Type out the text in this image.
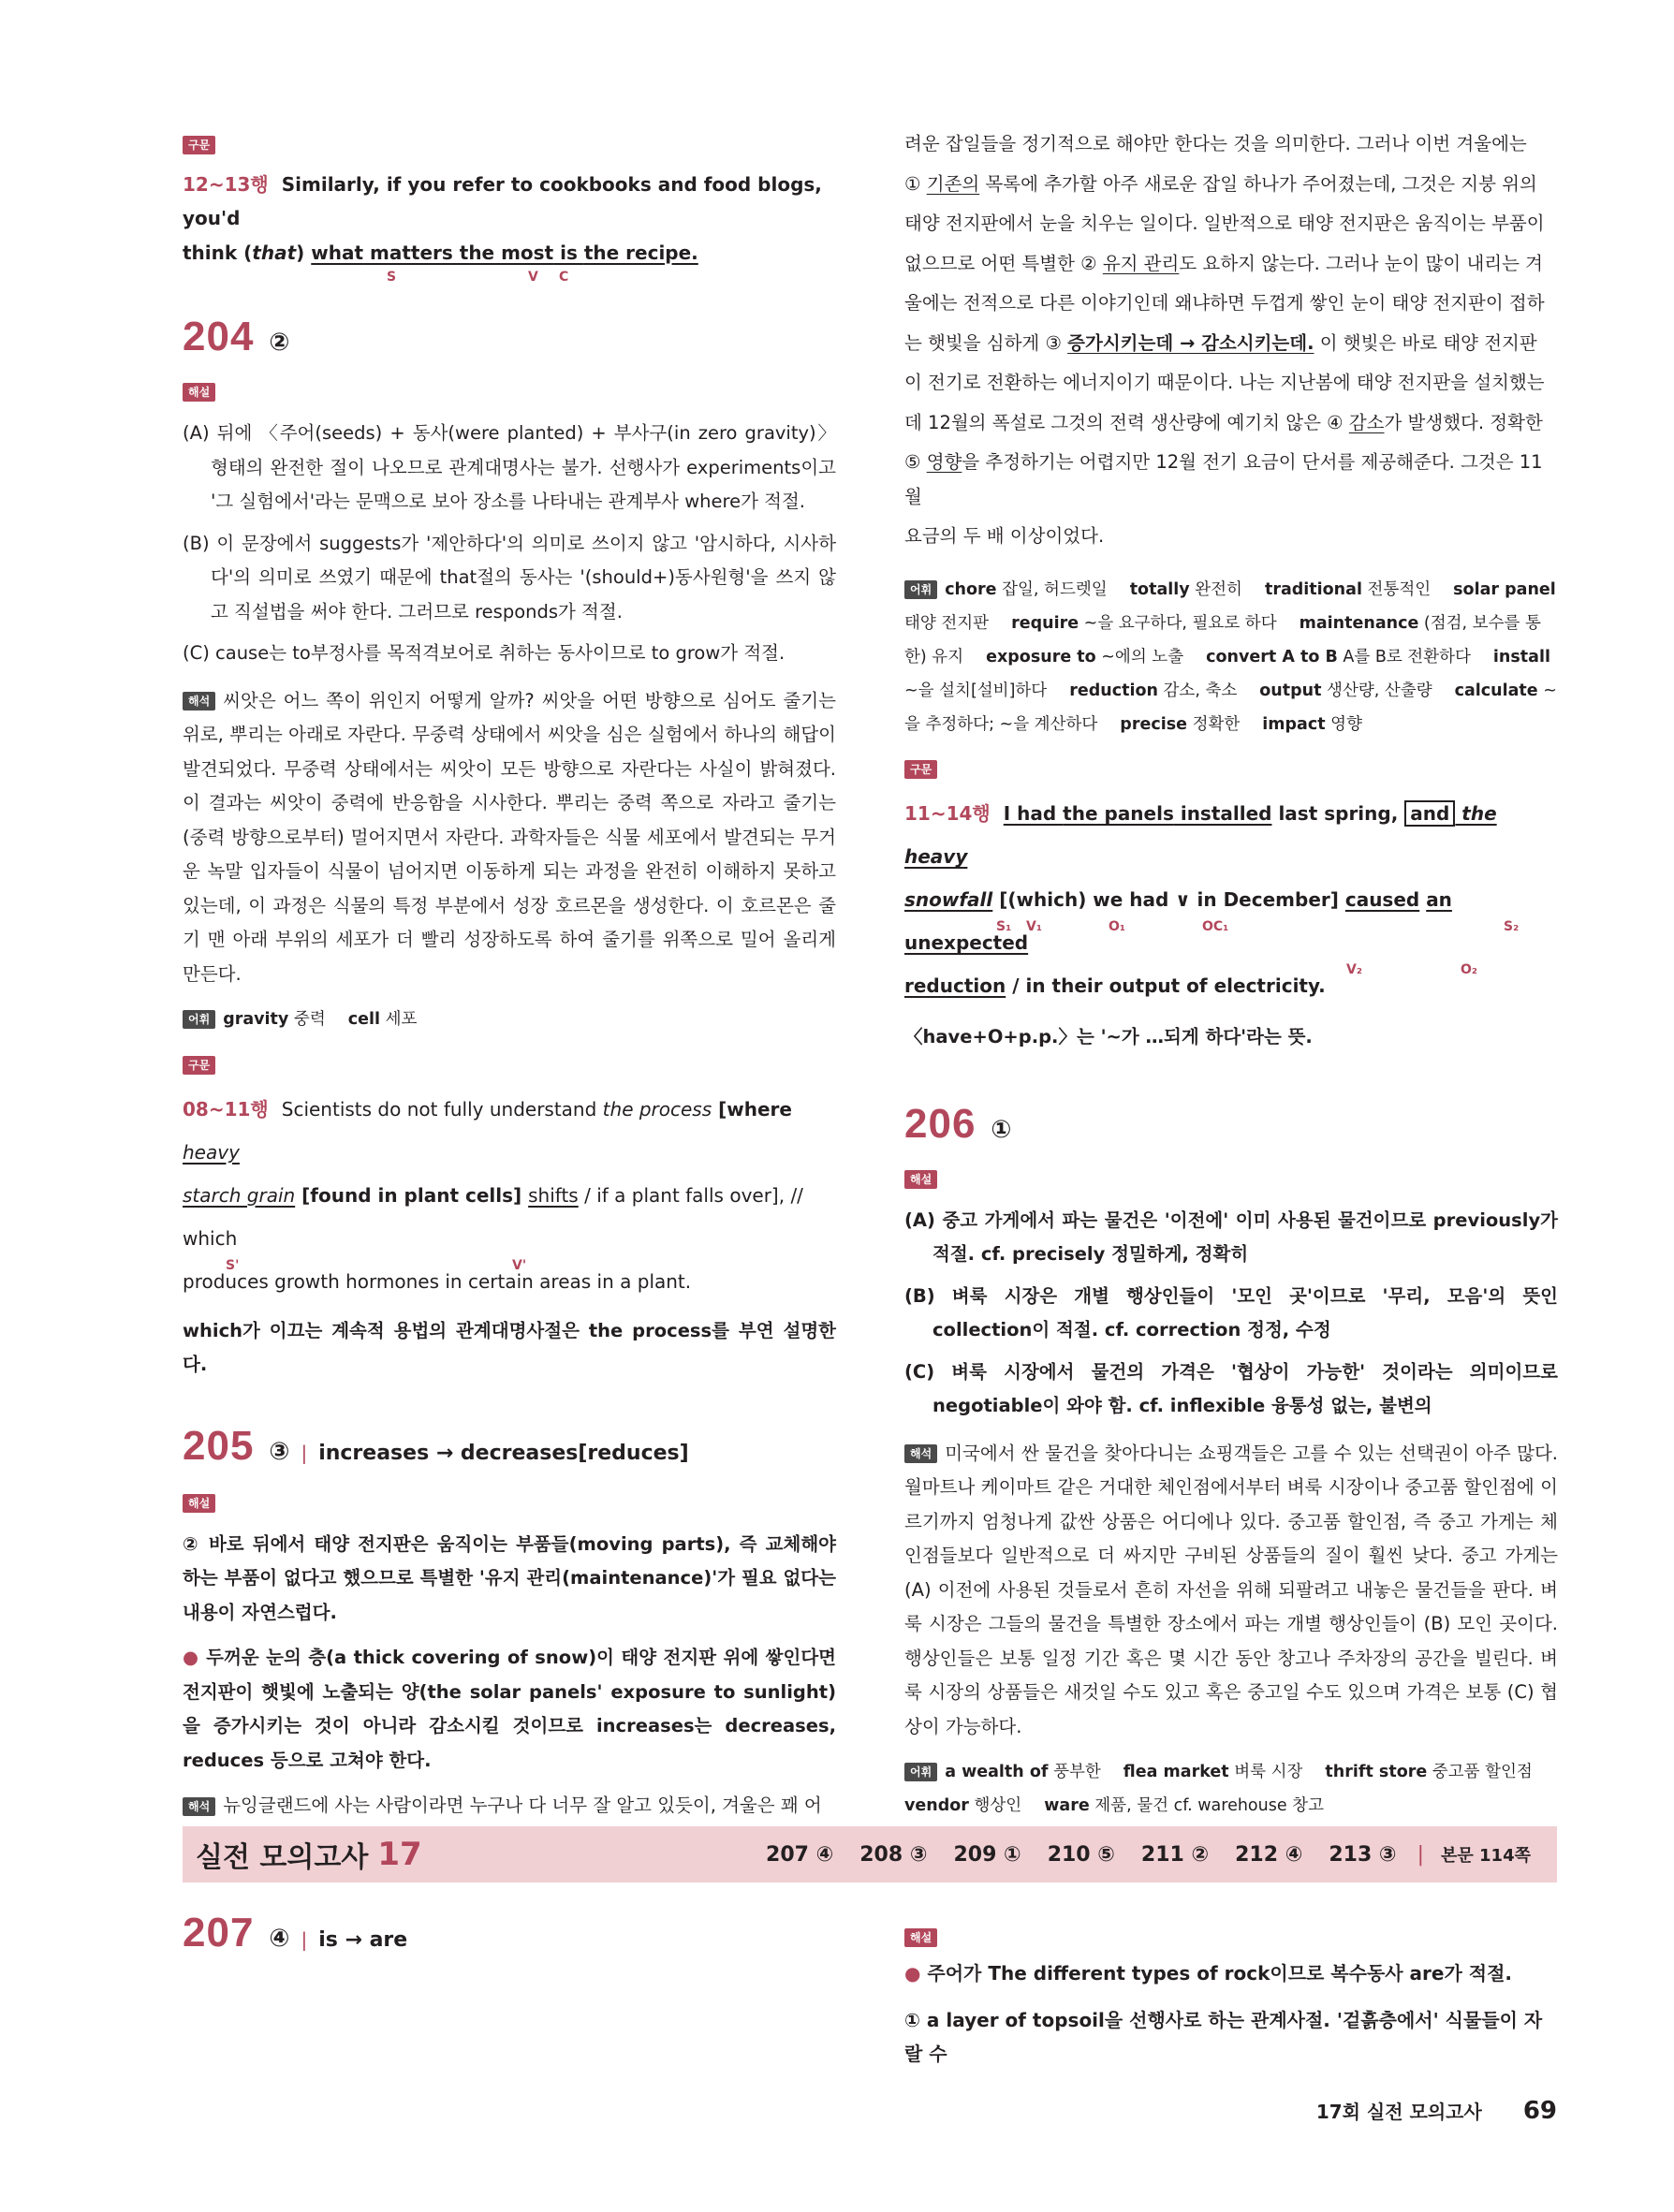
구문
12~13행 Similarly, if you refer to cookbooks and food blogs, you'd
think (that) what matters the most is the recipe.
S	V C
204 ②
해설

(A) 뒤에 〈주어(seeds) + 동사(were planted) + 부사구(in zero gravity)〉 형태의 완전한 절이 나오므로 관계대명사는 불가. 선행사가 experiments이고 '그 실험에서'라는 문맥으로 보아 장소를 나타내는 관계부사 where가 적절.

(B) 이 문장에서 suggests가 '제안하다'의 의미로 쓰이지 않고 '암시하다, 시사하다'의 의미로 쓰였기 때문에 that절의 동사는 '(should+)동사원형'을 쓰지 않고 직설법을 써야 한다. 그러므로 responds가 적절.

(C) cause는 to부정사를 목적격보어로 취하는 동사이므로 to grow가 적절.

해석 씨앗은 어느 쪽이 위인지 어떻게 알까? 씨앗을 어떤 방향으로 심어도 줄기는 위로, 뿌리는 아래로 자란다. 무중력 상태에서 씨앗을 심은 실험에서 하나의 해답이 발견되었다. 무중력 상태에서는 씨앗이 모든 방향으로 자란다는 사실이 밝혀졌다. 이 결과는 씨앗이 중력에 반응함을 시사한다. 뿌리는 중력 쪽으로 자라고 줄기는 (중력 방향으로부터) 멀어지면서 자란다. 과학자들은 식물 세포에서 발견되는 무거운 녹말 입자들이 식물이 넘어지면 이동하게 되는 과정을 완전히 이해하지 못하고 있는데, 이 과정은 식물의 특정 부분에서 성장 호르몬을 생성한다. 이 호르몬은 줄기 맨 아래 부위의 세포가 더 빨리 성장하도록 하여 줄기를 위쪽으로 밀어 올리게 만든다.

어휘 gravity 중력 cell 세포
구문
08~11행 Scientists do not fully understand the process [where heavy
starch grain [found in plant cells] shifts / if a plant falls over], // which
produces growth hormones in certain areas in a plant.
S'	V'

which가 이끄는 계속적 용법의 관계대명사절은 the process를 부연 설명한다.

205 ③ | increases → decreases[reduces]
해설

② 바로 뒤에서 태양 전지판은 움직이는 부품들(moving parts), 즉 교체해야 하는 부품이 없다고 했으므로 특별한 '유지 관리(maintenance)'가 필요 없다는 내용이 자연스럽다.

● 두꺼운 눈의 층(a thick covering of snow)이 태양 전지판 위에 쌓인다면 전지판이 햇빛에 노출되는 양(the solar panels' exposure to sunlight)을 증가시키는 것이 아니라 감소시킬 것이므로 increases는 decreases, reduces 등으로 고쳐야 한다.

해석 뉴잉글랜드에 사는 사람이라면 누구나 다 너무 잘 알고 있듯이, 겨울은 꽤 어

려운 잡일들을 정기적으로 해야만 한다는 것을 의미한다. 그러나 이번 겨울에는
① 기존의 목록에 추가할 아주 새로운 잡일 하나가 주어졌는데, 그것은 지붕 위의
태양 전지판에서 눈을 치우는 일이다. 일반적으로 태양 전지판은 움직이는 부품이
없으므로 어떤 특별한 ② 유지 관리도 요하지 않는다. 그러나 눈이 많이 내리는 겨
울에는 전적으로 다른 이야기인데 왜냐하면 두껍게 쌓인 눈이 태양 전지판이 접하
는 햇빛을 심하게 ③ 증가시키는데 → 감소시키는데. 이 햇빛은 바로 태양 전지판
이 전기로 전환하는 에너지이기 때문이다. 나는 지난봄에 태양 전지판을 설치했는
데 12월의 폭설로 그것의 전력 생산량에 예기치 않은 ④ 감소가 발생했다. 정확한
⑤ 영향을 추정하기는 어렵지만 12월 전기 요금이 단서를 제공해준다. 그것은 11월
요금의 두 배 이상이었다.
어휘 chore 잡일, 허드렛일 totally 완전히 traditional 전통적인 solar panel 태양 전지판 require ~을 요구하다, 필요로 하다 maintenance (점검, 보수를 통한) 유지 exposure to ~에의 노출 convert A to B A를 B로 전환하다 install ~을 설치[설비]하다 reduction 감소, 축소 output 생산량, 산출량 calculate ~을 추정하다; ~을 계산하다 precise 정확한 impact 영향
구문
11~14행 I had the panels installed last spring, and the heavy
snowfall [(which) we had ∨ in December] caused an unexpected
reduction / in their output of electricity.
S₁ V₁	O₁	OC₁	S₂
V₂	O₂

〈have+O+p.p.〉는 '~가 …되게 하다'라는 뜻.

206 ①
해설

(A) 중고 가게에서 파는 물건은 '이전에' 이미 사용된 물건이므로 previously가 적절. cf. precisely 정밀하게, 정확히

(B) 벼룩 시장은 개별 행상인들이 '모인 곳'이므로 '무리, 모음'의 뜻인 collection이 적절. cf. correction 정정, 수정

(C) 벼룩 시장에서 물건의 가격은 '협상이 가능한' 것이라는 의미이므로 negotiable이 와야 함. cf. inflexible 융통성 없는, 불변의

해석 미국에서 싼 물건을 찾아다니는 쇼핑객들은 고를 수 있는 선택권이 아주 많다. 월마트나 케이마트 같은 거대한 체인점에서부터 벼룩 시장이나 중고품 할인점에 이르기까지 엄청나게 값싼 상품은 어디에나 있다. 중고품 할인점, 즉 중고 가게는 체인점들보다 일반적으로 더 싸지만 구비된 상품들의 질이 훨씬 낮다. 중고 가게는 (A) 이전에 사용된 것들로서 흔히 자선을 위해 되팔려고 내놓은 물건들을 판다. 벼룩 시장은 그들의 물건을 특별한 장소에서 파는 개별 행상인들이 (B) 모인 곳이다. 행상인들은 보통 일정 기간 혹은 몇 시간 동안 창고나 주차장의 공간을 빌린다. 벼룩 시장의 상품들은 새것일 수도 있고 혹은 중고일 수도 있으며 가격은 보통 (C) 협상이 가능하다.

어휘 a wealth of 풍부한 flea market 벼룩 시장 thrift store 중고품 할인점vendor 행상인 ware 제품, 물건 cf. warehouse 창고
실전 모의고사 17	207 ④ 208 ③ 209 ① 210 ⑤ 211 ② 212 ④ 213 ③ | 본문 114쪽
207 ④ | is → are	해설
● 주어가 The different types of rock이므로 복수동사 are가 적절.
① a layer of topsoil을 선행사로 하는 관계사절. '겉흙층에서' 식물들이 자랄 수
17회 실전 모의고사 69
